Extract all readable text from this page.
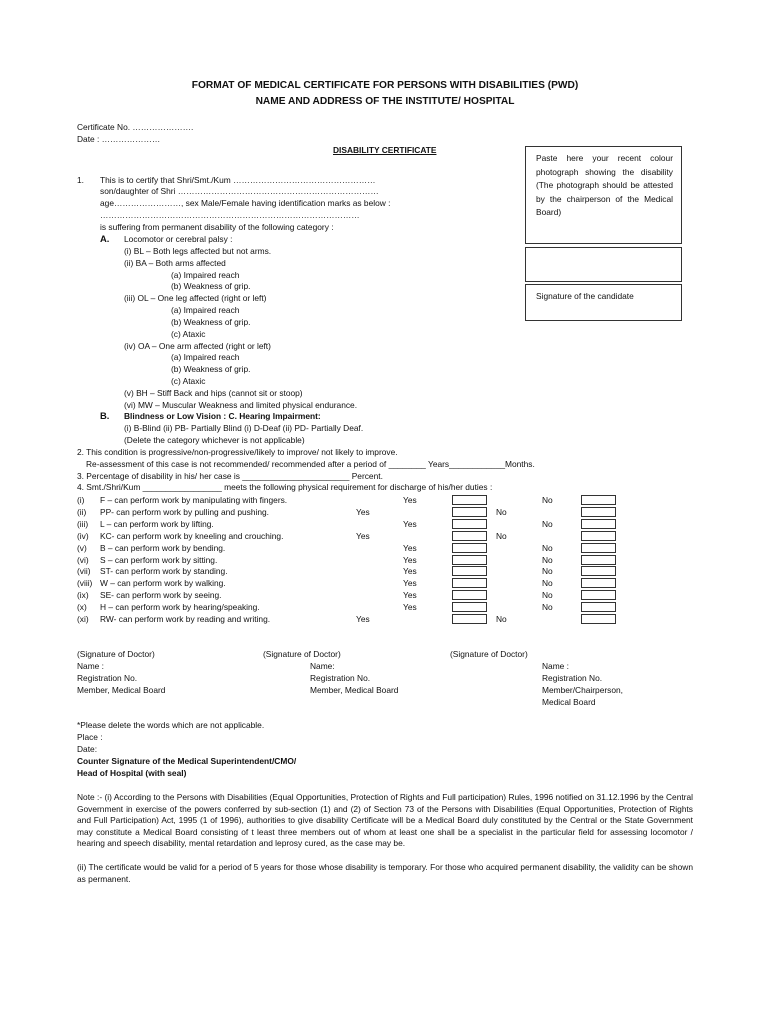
FORMAT OF MEDICAL CERTIFICATE FOR PERSONS WITH DISABILITIES (PWD)
NAME AND ADDRESS OF THE INSTITUTE/ HOSPITAL
Certificate No. ………………….
Date : …………………
DISABILITY CERTIFICATE
Paste here your recent colour photograph showing the disability (The photograph should be attested by the chairperson of the Medical Board)
Signature of the candidate
1. This is to certify that Shri/Smt./Kum ……………………………………………
son/daughter of Shri ………………………………………………………………
age……………………, sex Male/Female having identification marks as below :
…………………………………………………………………………………
is suffering from permanent disability of the following category :
A. Locomotor or cerebral palsy :
(i) BL – Both legs affected but not arms.
(ii) BA – Both arms affected
(a) Impaired reach
(b) Weakness of grip.
(iii) OL – One leg affected (right or left)
(a) Impaired reach
(b) Weakness of grip.
(c) Ataxic
(iv) OA – One arm affected (right or left)
(a) Impaired reach
(b) Weakness of grip.
(c) Ataxic
(v) BH – Stiff Back and hips (cannot sit or stoop)
(vi) MW – Muscular Weakness and limited physical endurance.
B. Blindness or Low Vision : C. Hearing Impairment:
(i) B-Blind (ii) PB- Partially Blind (i) D-Deaf (ii) PD- Partially Deaf.
(Delete the category whichever is not applicable)
2. This condition is progressive/non-progressive/likely to improve/ not likely to improve.
Re-assessment of this case is not recommended/ recommended after a period of ________ Years____________Months.
3. Percentage of disability in his/ her case is _______________________ Percent.
4. Smt./Shri/Kum _________________ meets the following physical requirement for discharge of his/her duties :
(i) F – can perform work by manipulating with fingers.	Yes	No
(ii) PP- can perform work by pulling and pushing.	Yes	No
(iii) L – can perform work by lifting.	Yes	No
(iv) KC- can perform work by kneeling and crouching.	Yes	No
(v) B – can perform work by bending.	Yes	No
(vi) S – can perform work by sitting.	Yes	No
(vii) ST- can perform work by standing.	Yes	No
(viii) W – can perform work by walking.	Yes	No
(ix) SE- can perform work by seeing.	Yes	No
(x) H – can perform work by hearing/speaking.	Yes	No
(xi) RW- can perform work by reading and writing.	Yes	No
(Signature of Doctor)
Name :
Registration No.
Member, Medical Board
(Signature of Doctor)
Name:
Registration No.
Member, Medical Board
(Signature of Doctor)
Name :
Registration No.
Member/Chairperson,
Medical Board
*Please delete the words which are not applicable.
Place :
Date:
Counter Signature of the Medical Superintendent/CMO/
Head of Hospital (with seal)
Note :- (i) According to the Persons with Disabilities (Equal Opportunities, Protection of Rights and Full participation) Rules, 1996 notified on 31.12.1996 by the Central Government in exercise of the powers conferred by sub-section (1) and (2) of Section 73 of the Persons with Disabilities (Equal Opportunities, Protection of Rights and Full Participation) Act, 1995 (1 of 1996), authorities to give disability Certificate will be a Medical Board duly constituted by the Central or the State Government may constitute a Medical Board consisting of t least three members out of whom at least one shall be a specialist in the particular field for assessing locomotor / hearing and speech disability, mental retardation and leprosy cured, as the case may be.
(ii) The certificate would be valid for a period of 5 years for those whose disability is temporary. For those who acquired permanent disability, the validity can be shown as permanent.
